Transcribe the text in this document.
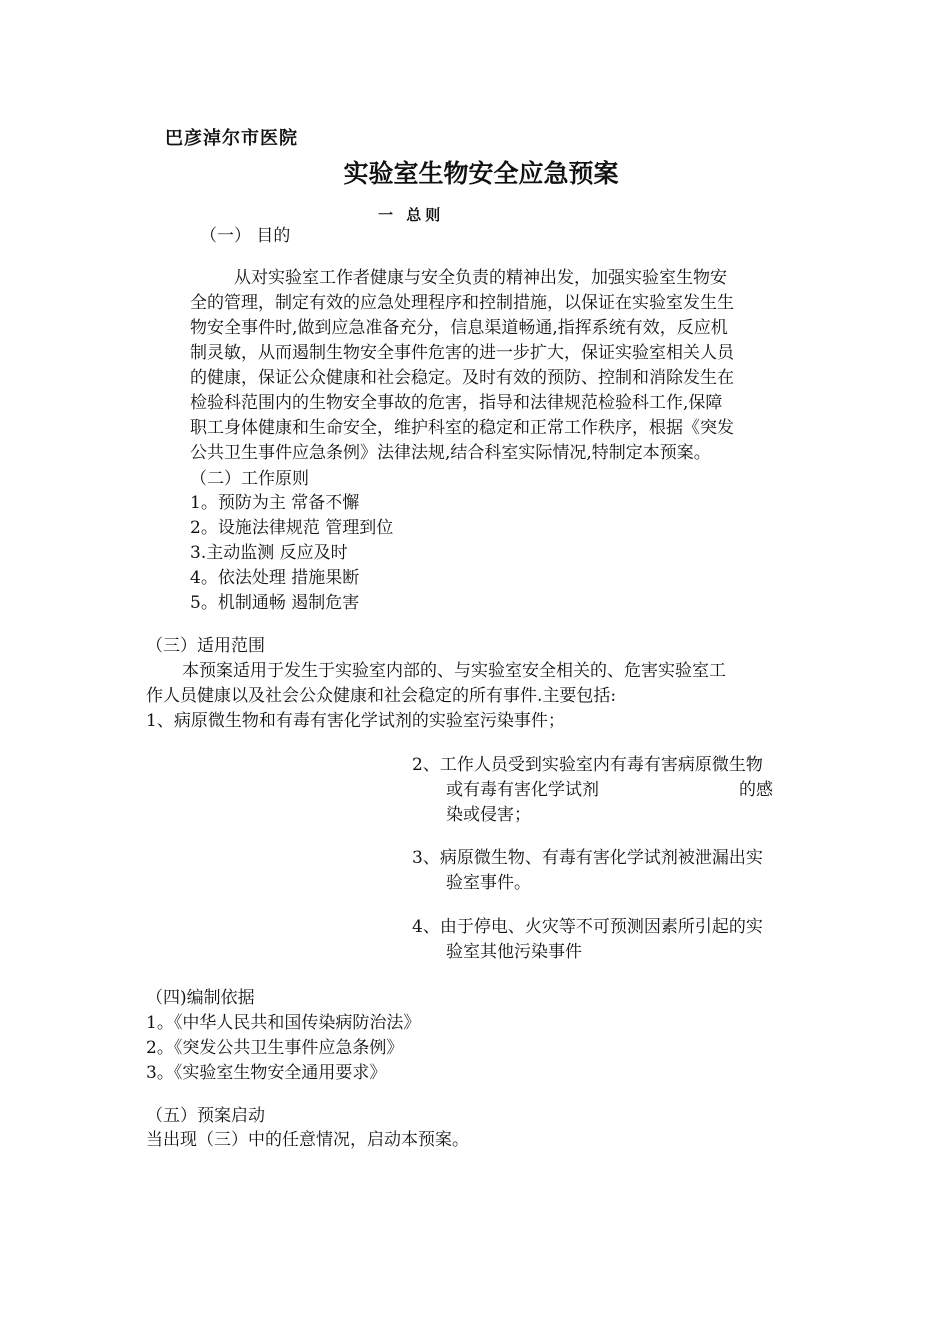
巴彦淖尔市医院
实验室生物安全应急预案
一 总则
（一） 目的
从对实验室工作者健康与安全负责的精神出发，加强实验室生物安
全的管理，制定有效的应急处理程序和控制措施，以保证在实验室发生生
物安全事件时,做到应急准备充分，信息渠道畅通,指挥系统有效，反应机
制灵敏，从而遏制生物安全事件危害的进一步扩大，保证实验室相关人员
的健康，保证公众健康和社会稳定。及时有效的预防、控制和消除发生在
检验科范围内的生物安全事故的危害，指导和法律规范检验科工作,保障
职工身体健康和生命安全，维护科室的稳定和正常工作秩序，根据《突发
公共卫生事件应急条例》法律法规,结合科室实际情况,特制定本预案。
（二）工作原则
1。预防为主 常备不懈
2。设施法律规范 管理到位
3.主动监测 反应及时
4。依法处理 措施果断
5。机制通畅 遏制危害
（三）适用范围
本预案适用于发生于实验室内部的、与实验室安全相关的、危害实验室工
作人员健康以及社会公众健康和社会稳定的所有事件.主要包括:
1、病原微生物和有毒有害化学试剂的实验室污染事件；
2、工作人员受到实验室内有毒有害病原微生物
或有毒有害化学试剂	的感
染或侵害；
3、病原微生物、有毒有害化学试剂被泄漏出实
验室事件。
4、由于停电、火灾等不可预测因素所引起的实
验室其他污染事件
（四)编制依据
1。《中华人民共和国传染病防治法》
2。《突发公共卫生事件应急条例》
3。《实验室生物安全通用要求》
（五）预案启动
当出现（三）中的任意情况，启动本预案。
